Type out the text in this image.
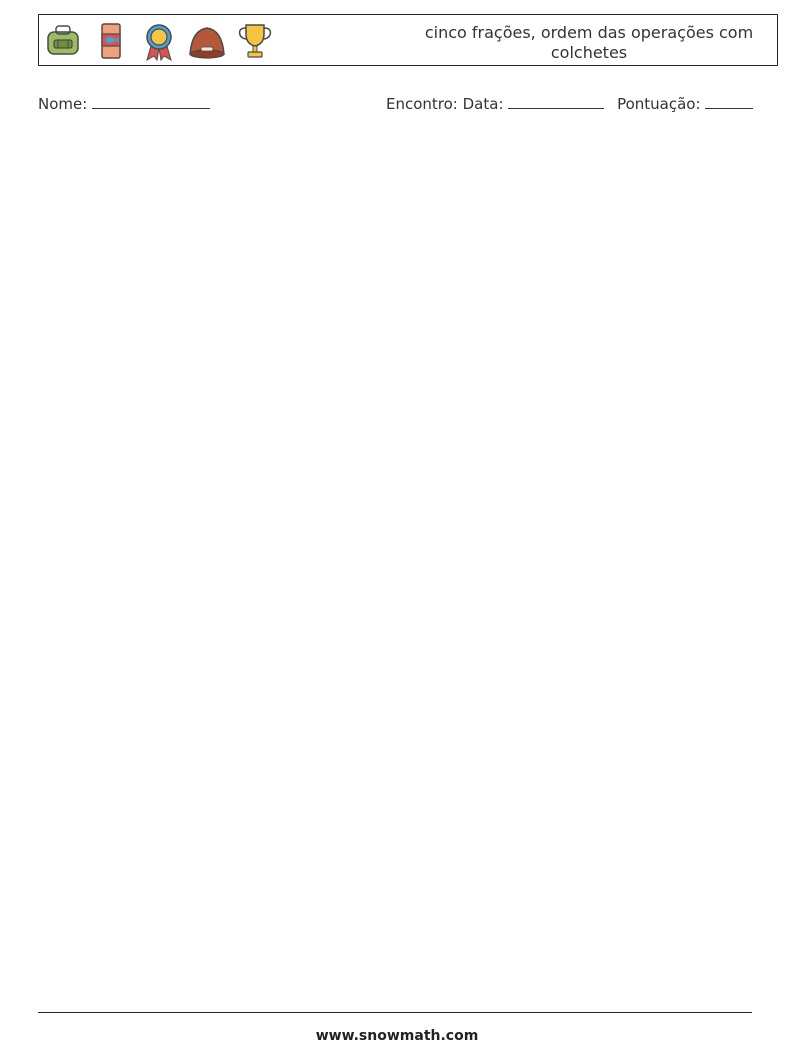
cinco frações, ordem das operações com colchetes
Nome:	Encontro: Data:	Pontuação:
www.snowmath.com
